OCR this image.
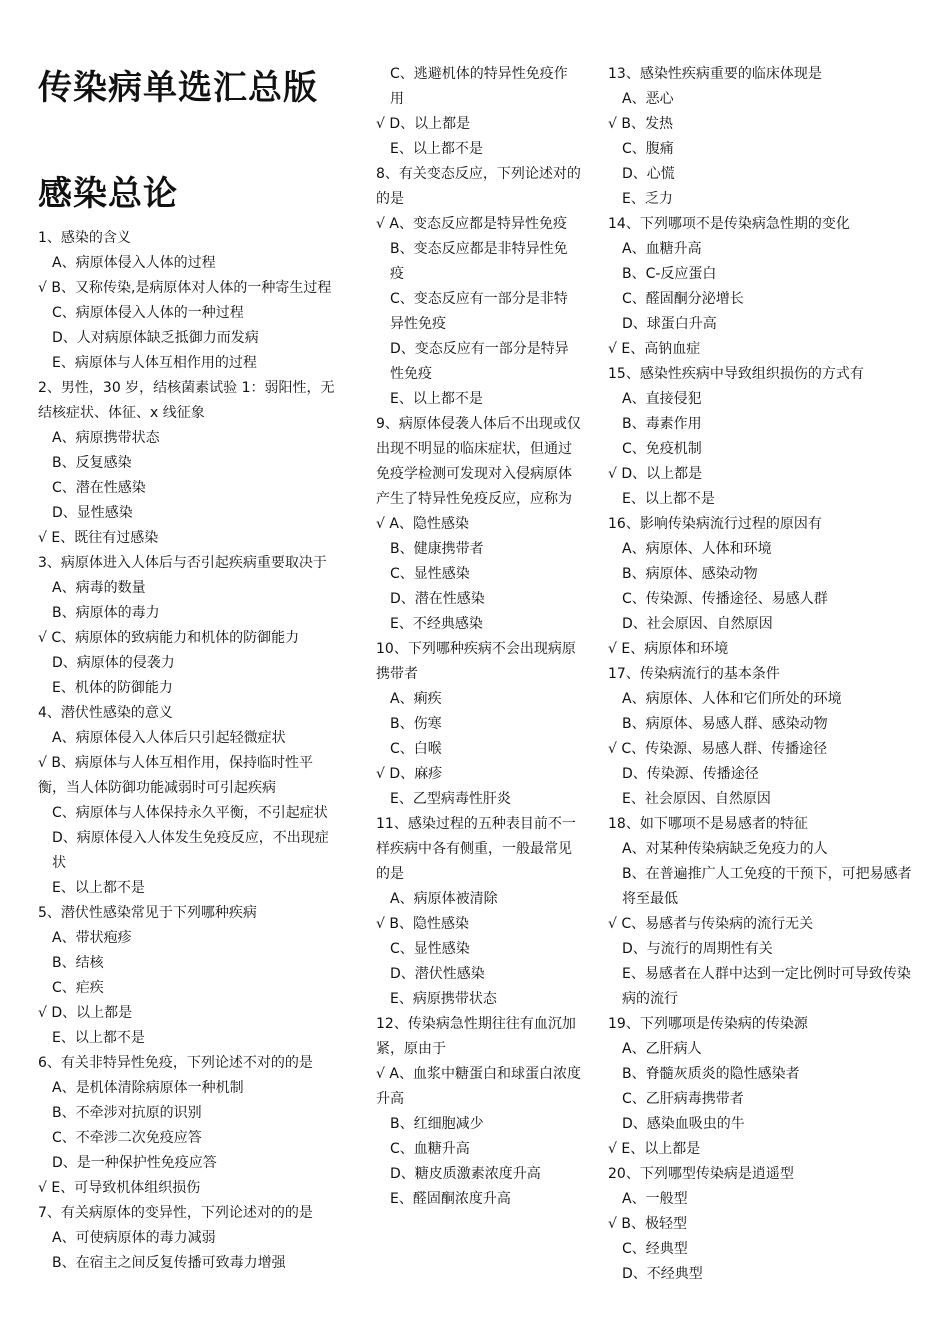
传染病单选汇总版
感染总论

1、感染的含义

A、病原体侵入人体的过程

√ B、又称传染,是病原体对人体的一种寄生过程

C、病原体侵入人体的一种过程

D、人对病原体缺乏抵御力而发病

E、病原体与人体互相作用的过程

2、男性，30 岁，结核菌素试验 1：弱阳性，无结核症状、体征、x 线征象

A、病原携带状态

B、反复感染

C、潜在性感染

D、显性感染

√ E、既往有过感染

3、病原体进入人体后与否引起疾病重要取决于

A、病毒的数量

B、病原体的毒力

√ C、病原体的致病能力和机体的防御能力

D、病原体的侵袭力

E、机体的防御能力

4、潜伏性感染的意义

A、病原体侵入人体后只引起轻微症状

√ B、病原体与人体互相作用，保持临时性平衡，当人体防御功能减弱时可引起疾病

C、病原体与人体保持永久平衡，不引起症状

D、病原体侵入人体发生免疫反应，不出现症状

E、以上都不是

5、潜伏性感染常见于下列哪种疾病

A、带状疱疹

B、结核

C、疟疾

√ D、以上都是

E、以上都不是

6、有关非特异性免疫，下列论述不对的的是

A、是机体清除病原体一种机制

B、不牵涉对抗原的识别

C、不牵涉二次免疫应答

D、是一种保护性免疫应答

√ E、可导致机体组织损伤

7、有关病原体的变异性，下列论述对的的是

A、可使病原体的毒力减弱

B、在宿主之间反复传播可致毒力增强

C、逃避机体的特异性免疫作用

√ D、以上都是

E、以上都不是

8、有关变态反应，下列论述对的的是

√ A、变态反应都是特异性免疫

B、变态反应都是非特异性免疫

C、变态反应有一部分是非特异性免疫

D、变态反应有一部分是特异性免疫

E、以上都不是

9、病原体侵袭人体后不出现或仅出现不明显的临床症状，但通过免疫学检测可发现对入侵病原体产生了特异性免疫反应，应称为

√ A、隐性感染

B、健康携带者

C、显性感染

D、潜在性感染

E、不经典感染

10、下列哪种疾病不会出现病原携带者

A、痢疾

B、伤寒

C、白喉

√ D、麻疹

E、乙型病毒性肝炎

11、感染过程的五种表目前不一样疾病中各有侧重，一般最常见的是

A、病原体被清除

√ B、隐性感染

C、显性感染

D、潜伏性感染

E、病原携带状态

12、传染病急性期往往有血沉加紧，原由于

√ A、血浆中糖蛋白和球蛋白浓度升高

B、红细胞减少

C、血糖升高

D、糖皮质激素浓度升高

E、醛固酮浓度升高

13、感染性疾病重要的临床体现是

A、恶心

√ B、发热

C、腹痛

D、心慌

E、乏力

14、下列哪项不是传染病急性期的变化

A、血糖升高

B、C-反应蛋白

C、醛固酮分泌增长

D、球蛋白升高

√ E、高钠血症

15、感染性疾病中导致组织损伤的方式有

A、直接侵犯

B、毒素作用

C、免疫机制

√ D、以上都是

E、以上都不是

16、影响传染病流行过程的原因有

A、病原体、人体和环境

B、病原体、感染动物

C、传染源、传播途径、易感人群

D、社会原因、自然原因

√ E、病原体和环境

17、传染病流行的基本条件

A、病原体、人体和它们所处的环境

B、病原体、易感人群、感染动物

√ C、传染源、易感人群、传播途径

D、传染源、传播途径

E、社会原因、自然原因

18、如下哪项不是易感者的特征

A、对某种传染病缺乏免疫力的人

B、在普遍推广人工免疫的干预下，可把易感者将至最低

√ C、易感者与传染病的流行无关

D、与流行的周期性有关

E、易感者在人群中达到一定比例时可导致传染病的流行

19、下列哪项是传染病的传染源

A、乙肝病人

B、脊髓灰质炎的隐性感染者

C、乙肝病毒携带者

D、感染血吸虫的牛

√ E、以上都是

20、下列哪型传染病是逍遥型

A、一般型

√ B、极轻型

C、经典型

D、不经典型
